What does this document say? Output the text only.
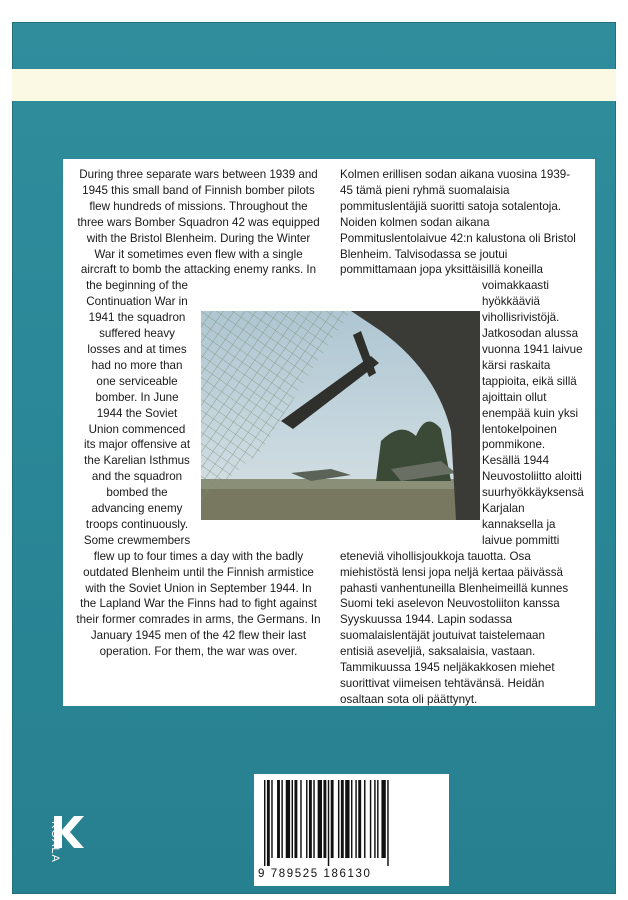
During three separate wars between 1939 and
1945 this small band of Finnish bomber pilots
flew hundreds of missions. Throughout the
three wars Bomber Squadron 42 was equipped
with the Bristol Blenheim. During the Winter
War it sometimes even flew with a single
aircraft to bomb the attacking enemy ranks. In
the beginning of the
Continuation War in
1941 the squadron
suffered heavy
losses and at times
had no more than
one serviceable
bomber. In June
1944 the Soviet
Union commenced
its major offensive at
the Karelian Isthmus
and the squadron
bombed the
advancing enemy
troops continuously.
Some crewmembers
flew up to four times a day with the badly
outdated Blenheim until the Finnish armistice
with the Soviet Union in September 1944. In
the Lapland War the Finns had to fight against
their former comrades in arms, the Germans. In
January 1945 men of the 42 flew their last
operation. For them, the war was over.
Kolmen erillisen sodan aikana vuosina 1939-
45 tämä pieni ryhmä suomalaisia
pommituslentäjiä suoritti satoja sotalentoja.
Noiden kolmen sodan aikana
Pommituslentolaivue 42:n kalustona oli Bristol
Blenheim. Talvisodassa se joutui
pommittamaan jopa yksittäisillä koneilla
voimakkaasti
hyökkääviä
vihollisrivistöjä.
Jatkosodan alussa
vuonna 1941 laivue
kärsi raskaita
tappioita, eikä sillä
ajoittain ollut
enempää kuin yksi
lentokelpoinen
pommikone.
Kesällä 1944
Neuvostoliitto aloitti
suurhyökkäyksensä
Karjalan
kannaksella ja
laivue pommitti
eteneviä vihollisjoukkoja tauotta. Osa
miehistöstä lensi jopa neljä kertaa päivässä
pahasti vanhentuneilla Blenheimeillä kunnes
Suomi teki aselevon Neuvostoliiton kanssa
Syyskuussa 1944. Lapin sodassa
suomalaislentäjät joutuivat taistelemaan
entisiä aseveljiä, saksalaisia, vastaan.
Tammikuussa 1945 neljäkakkosen miehet
suorittivat viimeisen tehtävänsä. Heidän
osaltaan sota oli päättynyt.
KOALA
9 789525 186130
